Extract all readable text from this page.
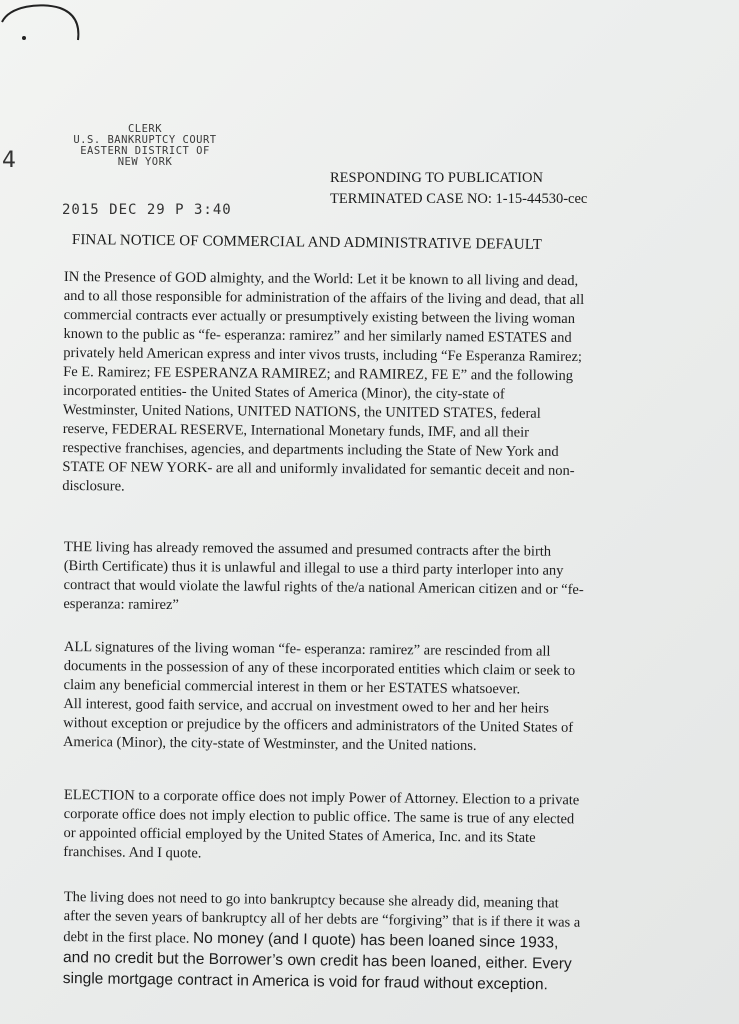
4
CLERK
U.S. BANKRUPTCY COURT
EASTERN DISTRICT OF
NEW YORK
2015 DEC 29 P 3:40
RESPONDING TO PUBLICATION
TERMINATED CASE NO: 1-15-44530-cec
FINAL NOTICE OF COMMERCIAL AND ADMINISTRATIVE DEFAULT
IN the Presence of GOD almighty, and the World: Let it be known to all living and dead,
and to all those responsible for administration of the affairs of the living and dead, that all
commercial contracts ever actually or presumptively existing between the living woman
known to the public as “fe- esperanza: ramirez” and her similarly named ESTATES and
privately held American express and inter vivos trusts, including “Fe Esperanza Ramirez;
Fe E. Ramirez; FE ESPERANZA RAMIREZ; and RAMIREZ, FE E” and the following
incorporated entities- the United States of America (Minor), the city-state of
Westminster, United Nations, UNITED NATIONS, the UNITED STATES, federal
reserve, FEDERAL RESERVE, International Monetary funds, IMF, and all their
respective franchises, agencies, and departments including the State of New York and
STATE OF NEW YORK- are all and uniformly invalidated for semantic deceit and non-
disclosure.
THE living has already removed the assumed and presumed contracts after the birth
(Birth Certificate) thus it is unlawful and illegal to use a third party interloper into any
contract that would violate the lawful rights of the/a national American citizen and or “fe-
esperanza: ramirez”
ALL signatures of the living woman “fe- esperanza: ramirez” are rescinded from all
documents in the possession of any of these incorporated entities which claim or seek to
claim any beneficial commercial interest in them or her ESTATES whatsoever.
All interest, good faith service, and accrual on investment owed to her and her heirs
without exception or prejudice by the officers and administrators of the United States of
America (Minor), the city-state of Westminster, and the United nations.
ELECTION to a corporate office does not imply Power of Attorney. Election to a private
corporate office does not imply election to public office. The same is true of any elected
or appointed official employed by the United States of America, Inc. and its State
franchises. And I quote.
The living does not need to go into bankruptcy because she already did, meaning that
after the seven years of bankruptcy all of her debts are “forgiving” that is if there it was a
debt in the first place. No money (and I quote) has been loaned since 1933,
and no credit but the Borrower’s own credit has been loaned, either. Every
single mortgage contract in America is void for fraud without exception.
